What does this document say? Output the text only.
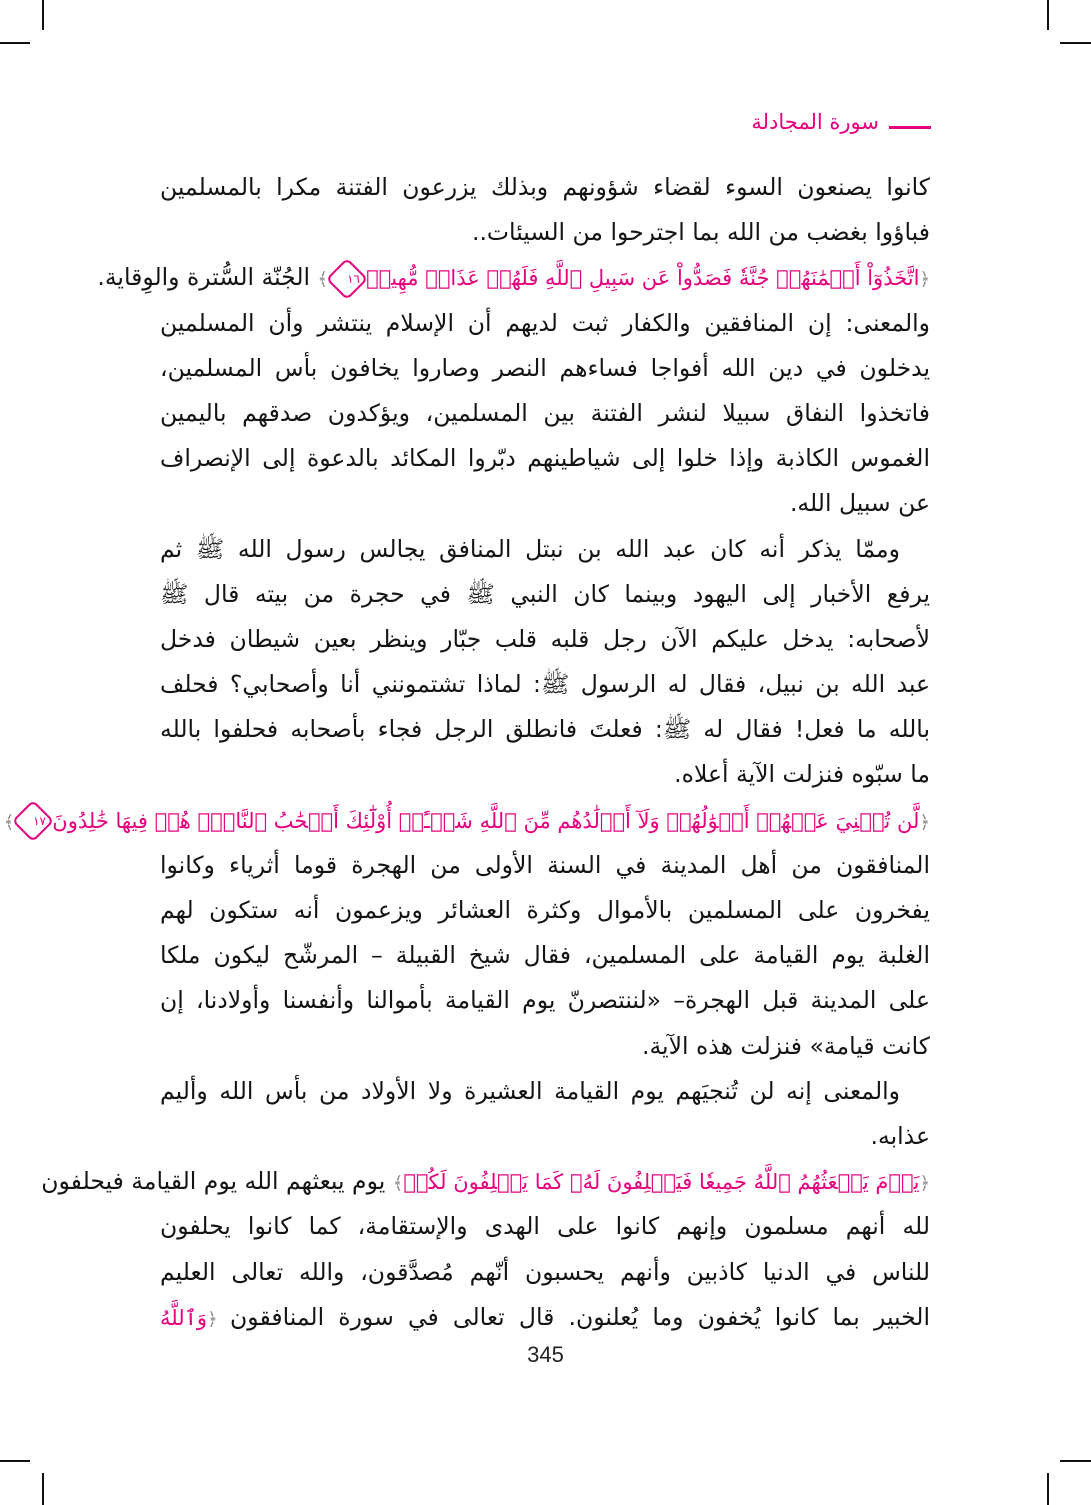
سورة المجادلة
كانوا يصنعون السوء لقضاء شؤونهم وبذلك يزرعون الفتنة مكرا بالمسلمين
فباؤوا بغضب من الله بما اجترحوا من السيئات..
﴿اتَّخَذُوٓاْ أَيۡمَٰنَهُمۡ جُنَّةٗ فَصَدُّواْ عَن سَبِيلِ ٱللَّهِ فَلَهُمۡ عَذَابٞ مُّهِينٞ
١٦
﴾ الجُنّة السُّترة والوِقاية.
والمعنى: إن المنافقين والكفار ثبت لديهم أن الإسلام ينتشر وأن المسلمين
يدخلون في دين الله أفواجا فساءهم النصر وصاروا يخافون بأس المسلمين،
فاتخذوا النفاق سبيلا لنشر الفتنة بين المسلمين، ويؤكدون صدقهم باليمين
الغموس الكاذبة وإذا خلوا إلى شياطينهم دبّروا المكائد بالدعوة إلى الإنصراف
عن سبيل الله.
وممّا يذكر أنه كان عبد الله بن نبتل المنافق يجالس رسول الله ﷺ ثم
يرفع الأخبار إلى اليهود وبينما كان النبي ﷺ في حجرة من بيته قال ﷺ
لأصحابه: يدخل عليكم الآن رجل قلبه قلب جبّار وينظر بعين شيطان فدخل
عبد الله بن نبيل، فقال له الرسول ﷺ: لماذا تشتمونني أنا وأصحابي؟ فحلف
بالله ما فعل! فقال له ﷺ: فعلتَ فانطلق الرجل فجاء بأصحابه فحلفوا بالله
ما سبّوه فنزلت الآية أعلاه.
﴿لَّن تُغۡنِيَ عَنۡهُمۡ أَمۡوَٰلُهُمۡ وَلَآ أَوۡلَٰدُهُم مِّنَ ٱللَّهِ شَيۡـًٔاۚ أُوْلَٰٓئِكَ أَصۡحَٰبُ ٱلنَّارِۖ هُمۡ فِيهَا خَٰلِدُونَ
١٧
﴾
المنافقون من أهل المدينة في السنة الأولى من الهجرة قوما أثرياء وكانوا
يفخرون على المسلمين بالأموال وكثرة العشائر ويزعمون أنه ستكون لهم
الغلبة يوم القيامة على المسلمين، فقال شيخ القبيلة – المرشّح ليكون ملكا
على المدينة قبل الهجرة– «لننتصرنّ يوم القيامة بأموالنا وأنفسنا وأولادنا، إن
كانت قيامة» فنزلت هذه الآية.
والمعنى إنه لن تُنجيَهم يوم القيامة العشيرة ولا الأولاد من بأس الله وأليم
عذابه.
﴿يَوۡمَ يَبۡعَثُهُمُ ٱللَّهُ جَمِيعٗا فَيَحۡلِفُونَ لَهُۥ كَمَا يَحۡلِفُونَ لَكُمۡ﴾ يوم يبعثهم الله يوم القيامة فيحلفون
لله أنهم مسلمون وإنهم كانوا على الهدى والإستقامة، كما كانوا يحلفون
للناس في الدنيا كاذبين وأنهم يحسبون أنّهم مُصدَّقون، والله تعالى العليم
الخبير بما كانوا يُخفون وما يُعلنون. قال تعالى في سورة المنافقون ﴿وَٱللَّهُ
345
